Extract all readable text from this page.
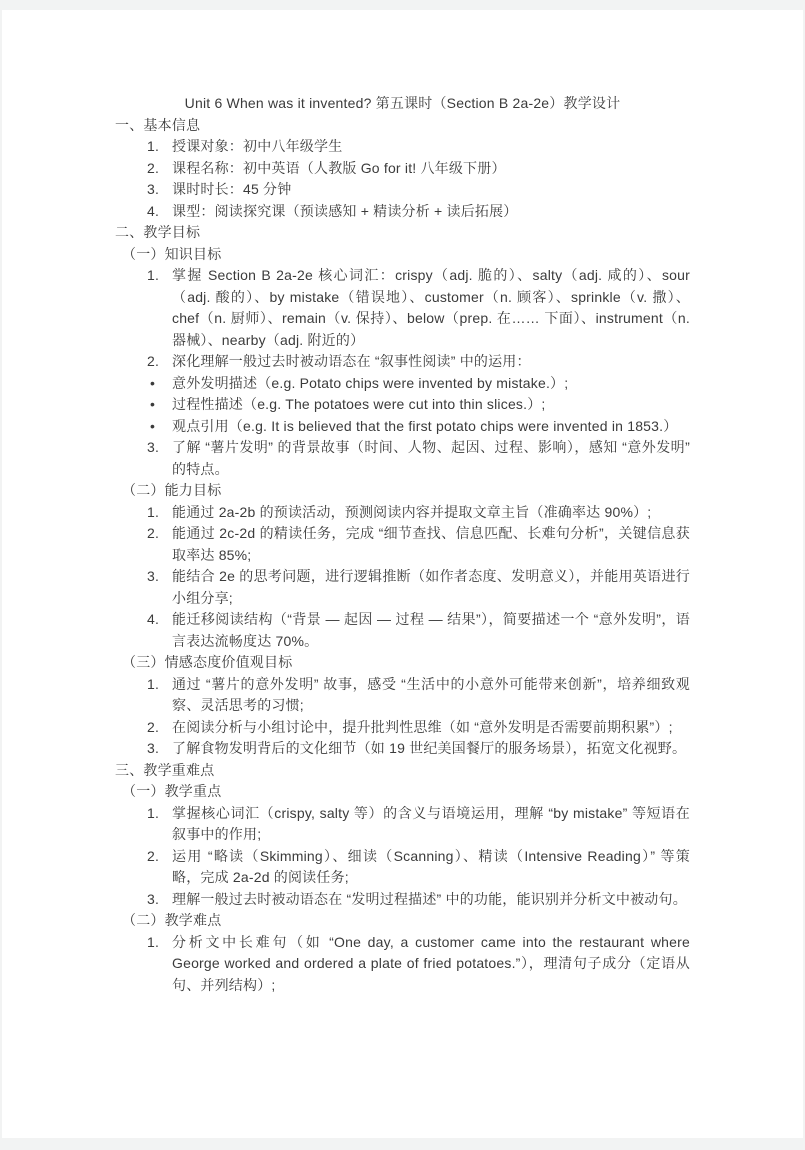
Unit 6 When was it invented? 第五课时（Section B 2a-2e）教学设计
一、基本信息
1. 授课对象：初中八年级学生
2. 课程名称：初中英语（人教版 Go for it! 八年级下册）
3. 课时时长：45 分钟
4. 课型：阅读探究课（预读感知 + 精读分析 + 读后拓展）
二、教学目标
（一）知识目标
1. 掌握 Section B 2a-2e 核心词汇：crispy（adj. 脆的）、salty（adj. 咸的）、sour（adj. 酸的）、by mistake（错误地）、customer（n. 顾客）、sprinkle（v. 撒）、chef（n. 厨师）、remain（v. 保持）、below（prep. 在…… 下面）、instrument（n. 器械）、nearby（adj. 附近的）
2. 深化理解一般过去时被动语态在 “叙事性阅读” 中的运用：
• 意外发明描述（e.g. Potato chips were invented by mistake.）;
• 过程性描述（e.g. The potatoes were cut into thin slices.）;
• 观点引用（e.g. It is believed that the first potato chips were invented in 1853.）
3. 了解 “薯片发明” 的背景故事（时间、人物、起因、过程、影响），感知 “意外发明” 的特点。
（二）能力目标
1. 能通过 2a-2b 的预读活动，预测阅读内容并提取文章主旨（准确率达 90%）;
2. 能通过 2c-2d 的精读任务，完成 “细节查找、信息匹配、长难句分析”，关键信息获取率达 85%;
3. 能结合 2e 的思考问题，进行逻辑推断（如作者态度、发明意义），并能用英语进行小组分享;
4. 能迁移阅读结构（“背景 — 起因 — 过程 — 结果”），简要描述一个 “意外发明”，语言表达流畅度达 70%。
（三）情感态度价值观目标
1. 通过 “薯片的意外发明” 故事，感受 “生活中的小意外可能带来创新”，培养细致观察、灵活思考的习惯;
2. 在阅读分析与小组讨论中，提升批判性思维（如 “意外发明是否需要前期积累”）;
3. 了解食物发明背后的文化细节（如 19 世纪美国餐厅的服务场景），拓宽文化视野。
三、教学重难点
（一）教学重点
1. 掌握核心词汇（crispy, salty 等）的含义与语境运用，理解 “by mistake” 等短语在叙事中的作用;
2. 运用 “略读（Skimming）、细读（Scanning）、精读（Intensive Reading）” 等策略，完成 2a-2d 的阅读任务;
3. 理解一般过去时被动语态在 “发明过程描述” 中的功能，能识别并分析文中被动句。
（二）教学难点
1. 分析文中长难句（如 “One day, a customer came into the restaurant where George worked and ordered a plate of fried potatoes.”），理清句子成分（定语从句、并列结构）;
